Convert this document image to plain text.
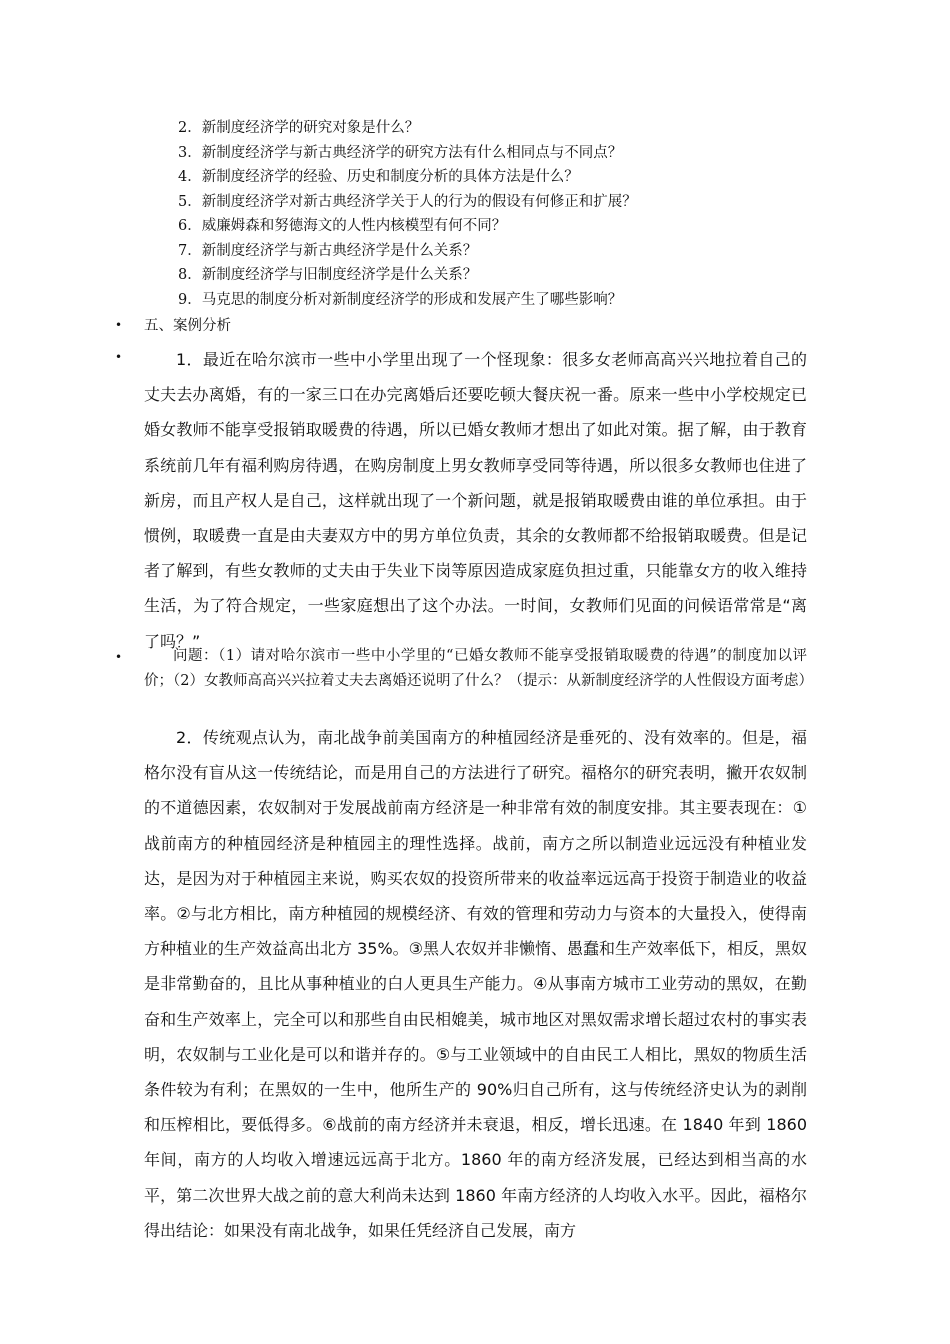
2．新制度经济学的研究对象是什么？
3．新制度经济学与新古典经济学的研究方法有什么相同点与不同点？
4．新制度经济学的经验、历史和制度分析的具体方法是什么？
5．新制度经济学对新古典经济学关于人的行为的假设有何修正和扩展？
6．威廉姆森和努德海文的人性内核模型有何不同？
7．新制度经济学与新古典经济学是什么关系？
8．新制度经济学与旧制度经济学是什么关系？
9．马克思的制度分析对新制度经济学的形成和发展产生了哪些影响？
• 五、案例分析
•	1．最近在哈尔滨市一些中小学里出现了一个怪现象：很多女老师高高兴兴地拉着自己的丈夫去办离婚，有的一家三口在办完离婚后还要吃顿大餐庆祝一番。原来一些中小学校规定已婚女教师不能享受报销取暖费的待遇，所以已婚女教师才想出了如此对策。据了解，由于教育系统前几年有福利购房待遇，在购房制度上男女教师享受同等待遇，所以很多女教师也住进了新房，而且产权人是自己，这样就出现了一个新问题，就是报销取暖费由谁的单位承担。由于惯例，取暖费一直是由夫妻双方中的男方单位负责，其余的女教师都不给报销取暖费。但是记者了解到，有些女教师的丈夫由于失业下岗等原因造成家庭负担过重，只能靠女方的收入维持生活，为了符合规定，一些家庭想出了这个办法。一时间，女教师们见面的问候语常常是“离了吗？”

•	问题：（1）请对哈尔滨市一些中小学里的“已婚女教师不能享受报销取暖费的待遇”的制度加以评价；（2）女教师高高兴兴拉着丈夫去离婚还说明了什么？（提示：从新制度经济学的人性假设方面考虑）

2．传统观点认为，南北战争前美国南方的种植园经济是垂死的、没有效率的。但是，福格尔没有盲从这一传统结论，而是用自己的方法进行了研究。福格尔的研究表明，撇开农奴制的不道德因素，农奴制对于发展战前南方经济是一种非常有效的制度安排。其主要表现在：①战前南方的种植园经济是种植园主的理性选择。战前，南方之所以制造业远远没有种植业发达，是因为对于种植园主来说，购买农奴的投资所带来的收益率远远高于投资于制造业的收益率。②与北方相比，南方种植园的规模经济、有效的管理和劳动力与资本的大量投入，使得南方种植业的生产效益高出北方 35%。③黑人农奴并非懒惰、愚蠢和生产效率低下，相反，黑奴是非常勤奋的，且比从事种植业的白人更具生产能力。④从事南方城市工业劳动的黑奴，在勤奋和生产效率上，完全可以和那些自由民相媲美，城市地区对黑奴需求增长超过农村的事实表明，农奴制与工业化是可以和谐并存的。⑤与工业领域中的自由民工人相比，黑奴的物质生活条件较为有利；在黑奴的一生中，他所生产的 90%归自己所有，这与传统经济史认为的剥削和压榨相比，要低得多。⑥战前的南方经济并未衰退，相反，增长迅速。在 1840 年到 1860 年间，南方的人均收入增速远远高于北方。1860 年的南方经济发展，已经达到相当高的水平，第二次世界大战之前的意大利尚未达到 1860 年南方经济的人均收入水平。因此，福格尔得出结论：如果没有南北战争，如果任凭经济自己发展，南方
